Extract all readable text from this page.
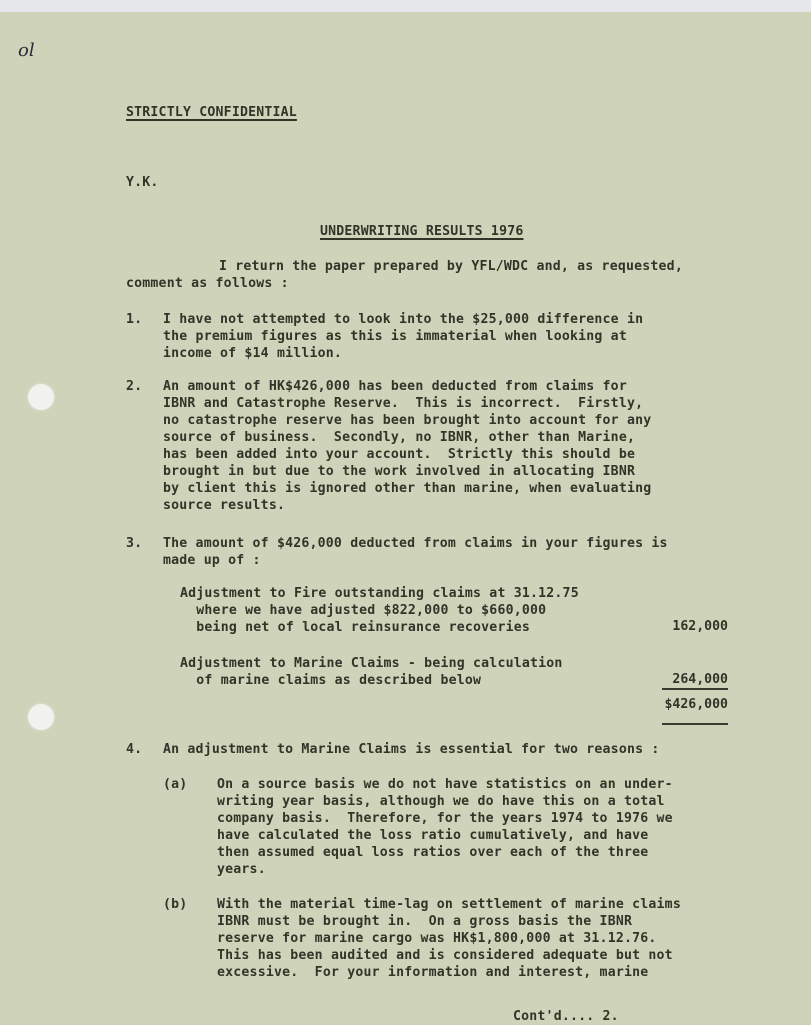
ol
STRICTLY CONFIDENTIAL
Y.K.
UNDERWRITING RESULTS 1976
I return the paper prepared by YFL/WDC and, as requested,
comment as follows :
1. I have not attempted to look into the $25,000 difference in
the premium figures as this is immaterial when looking at
income of $14 million.
2. An amount of HK$426,000 has been deducted from claims for
IBNR and Catastrophe Reserve.  This is incorrect.  Firstly,
no catastrophe reserve has been brought into account for any
source of business.  Secondly, no IBNR, other than Marine,
has been added into your account.  Strictly this should be
brought in but due to the work involved in allocating IBNR
by client this is ignored other than marine, when evaluating
source results.
3. The amount of $426,000 deducted from claims in your figures is
made up of :
Adjustment to Fire outstanding claims at 31.12.75
where we have adjusted $822,000 to $660,000
being net of local reinsurance recoveries	162,000
Adjustment to Marine Claims - being calculation
of marine claims as described below	264,000
$426,000
4. An adjustment to Marine Claims is essential for two reasons :
(a) On a source basis we do not have statistics on an under-
writing year basis, although we do have this on a total
company basis.  Therefore, for the years 1974 to 1976 we
have calculated the loss ratio cumulatively, and have
then assumed equal loss ratios over each of the three
years.
(b) With the material time-lag on settlement of marine claims
IBNR must be brought in.  On a gross basis the IBNR
reserve for marine cargo was HK$1,800,000 at 31.12.76.
This has been audited and is considered adequate but not
excessive.  For your information and interest, marine
Cont'd.... 2.
